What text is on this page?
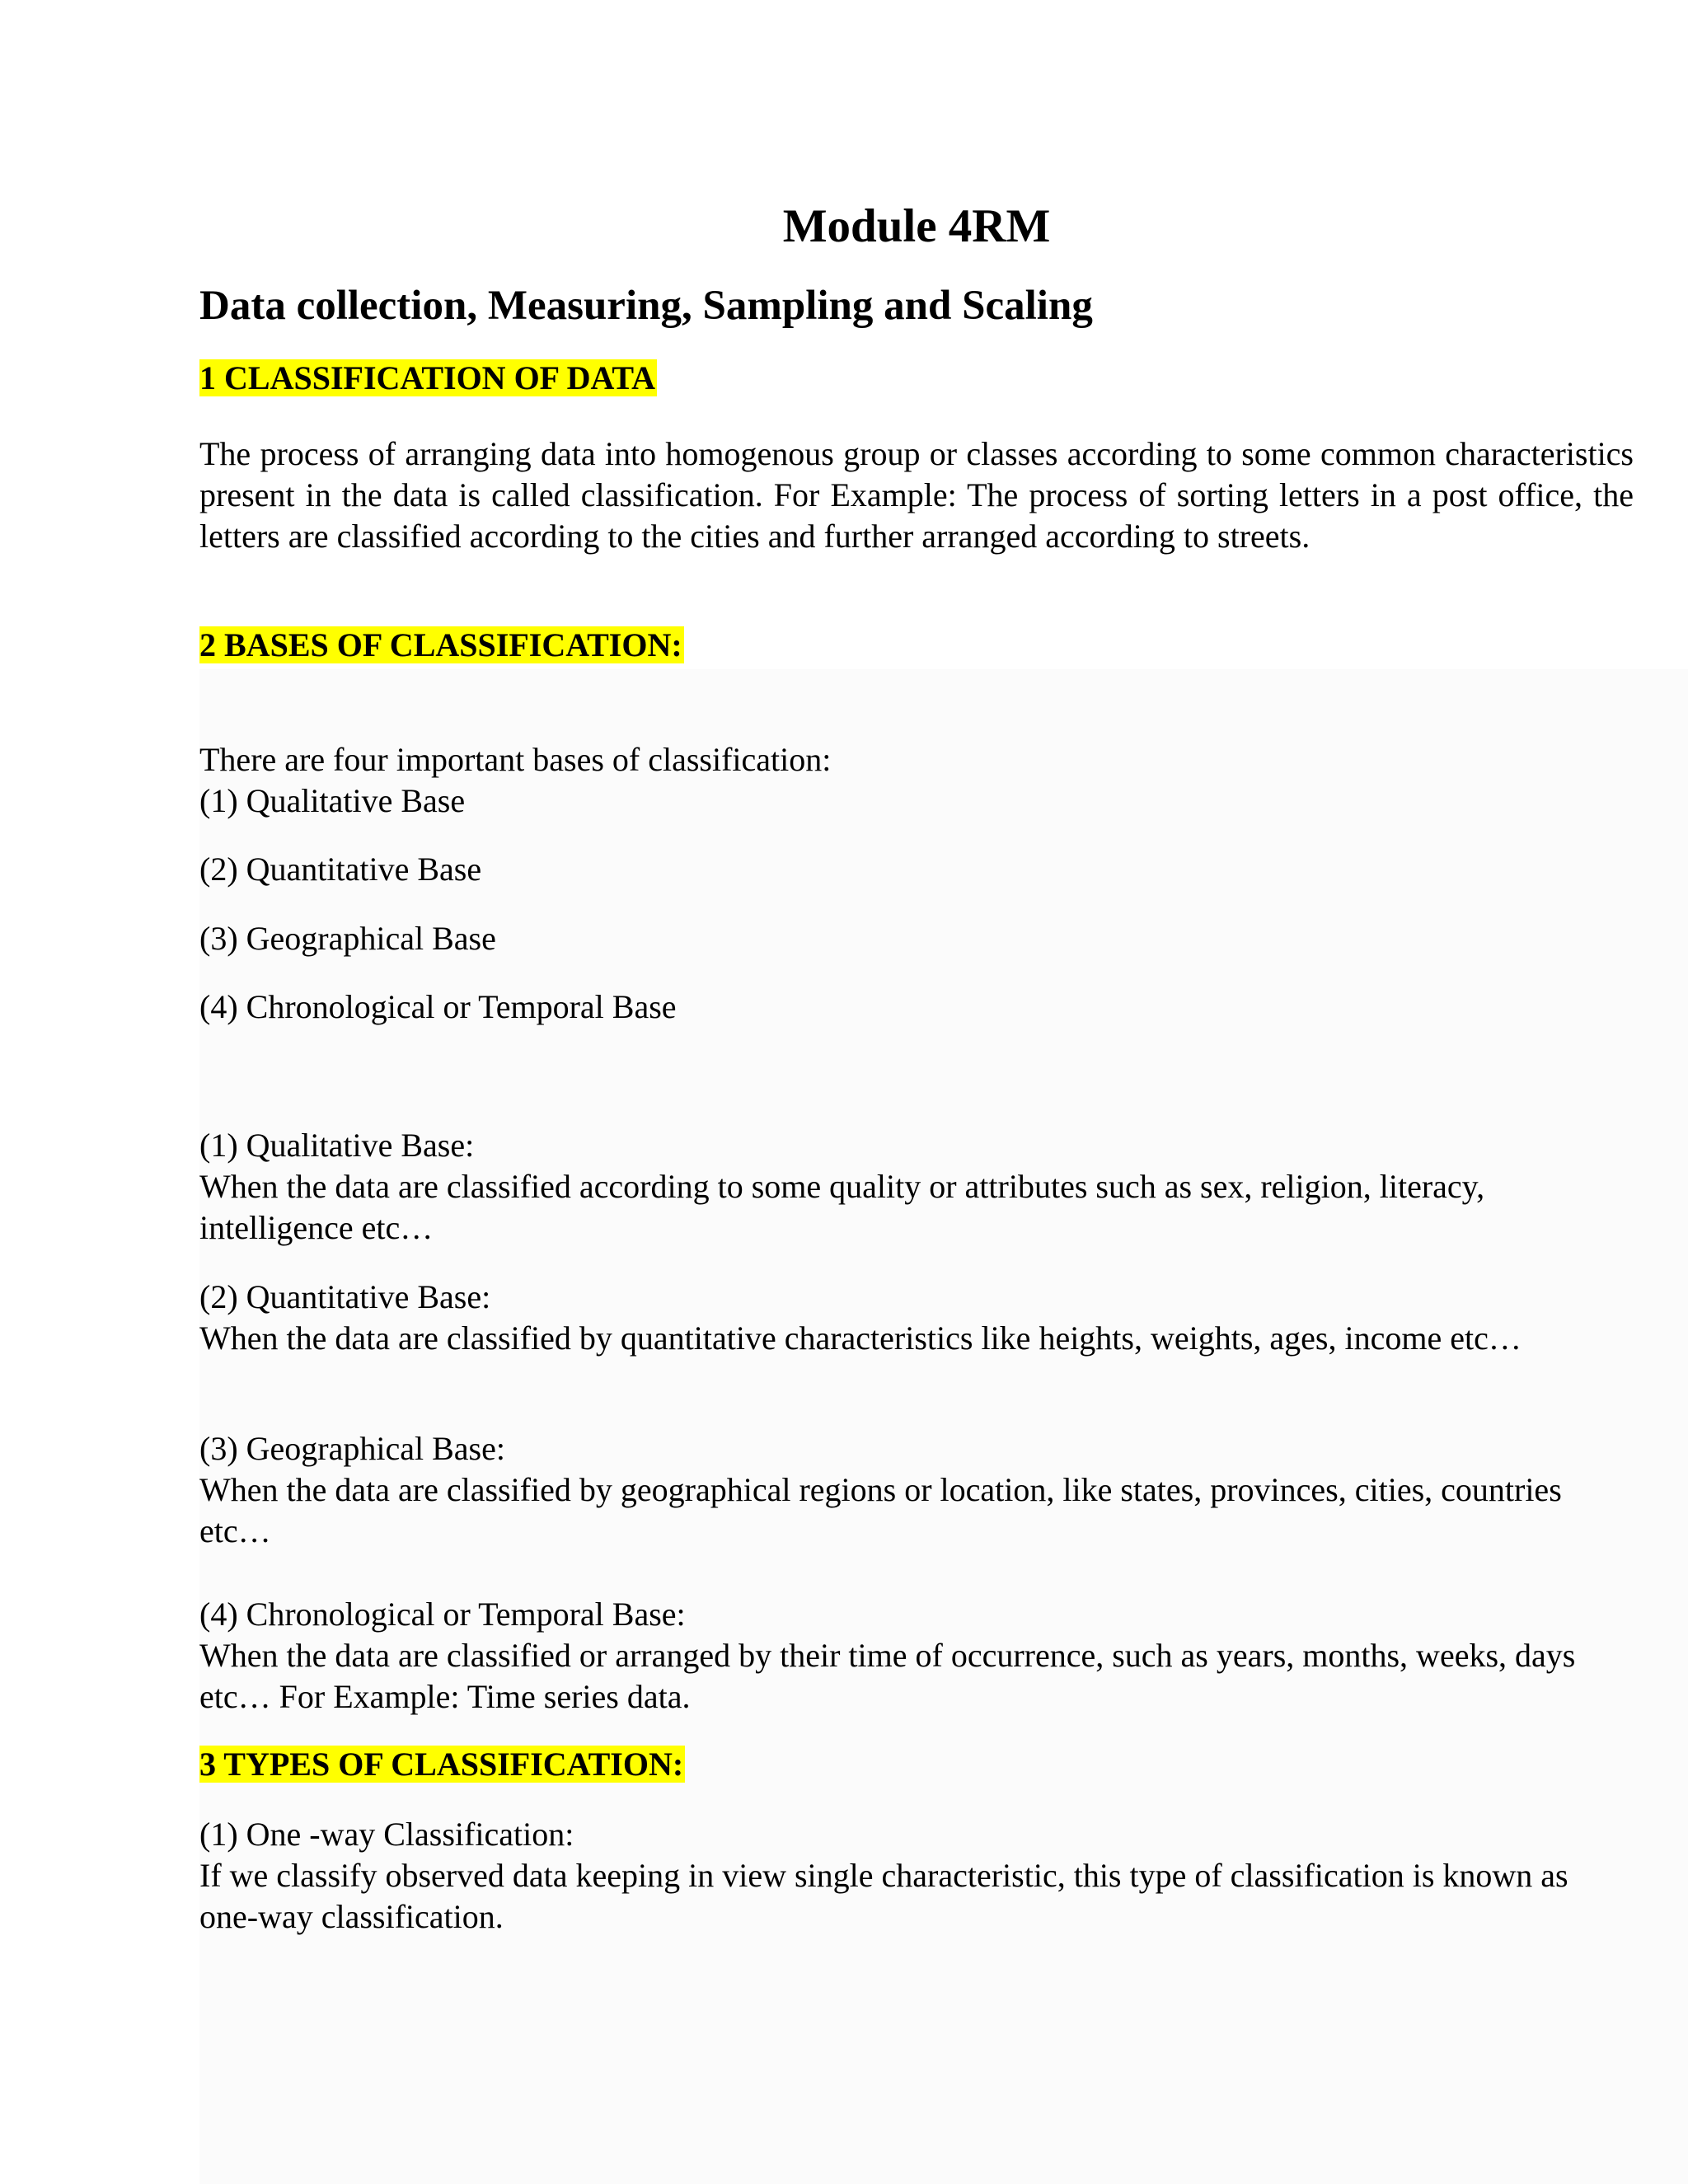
Module 4RM
Data collection, Measuring, Sampling and Scaling
1 CLASSIFICATION OF DATA

The process of arranging data into homogenous group or classes according to some common characteristics present in the data is called classification. For Example: The process of sorting letters in a post office, the letters are classified according to the cities and further arranged according to streets.

2 BASES OF CLASSIFICATION:

There are four important bases of classification:

(1) Qualitative Base

(2) Quantitative Base

(3) Geographical Base

(4) Chronological or Temporal Base

(1) Qualitative Base:

When the data are classified according to some quality or attributes such as sex, religion, literacy, intelligence etc…

(2) Quantitative Base:

When the data are classified by quantitative characteristics like heights, weights, ages, income etc…

(3) Geographical Base:

When the data are classified by geographical regions or location, like states, provinces, cities, countries etc…

(4) Chronological or Temporal Base:

When the data are classified or arranged by their time of occurrence, such as years, months, weeks, days etc… For Example: Time series data.

3 TYPES OF CLASSIFICATION:

(1) One -way Classification:

If we classify observed data keeping in view single characteristic, this type of classification is known as one-way classification.
